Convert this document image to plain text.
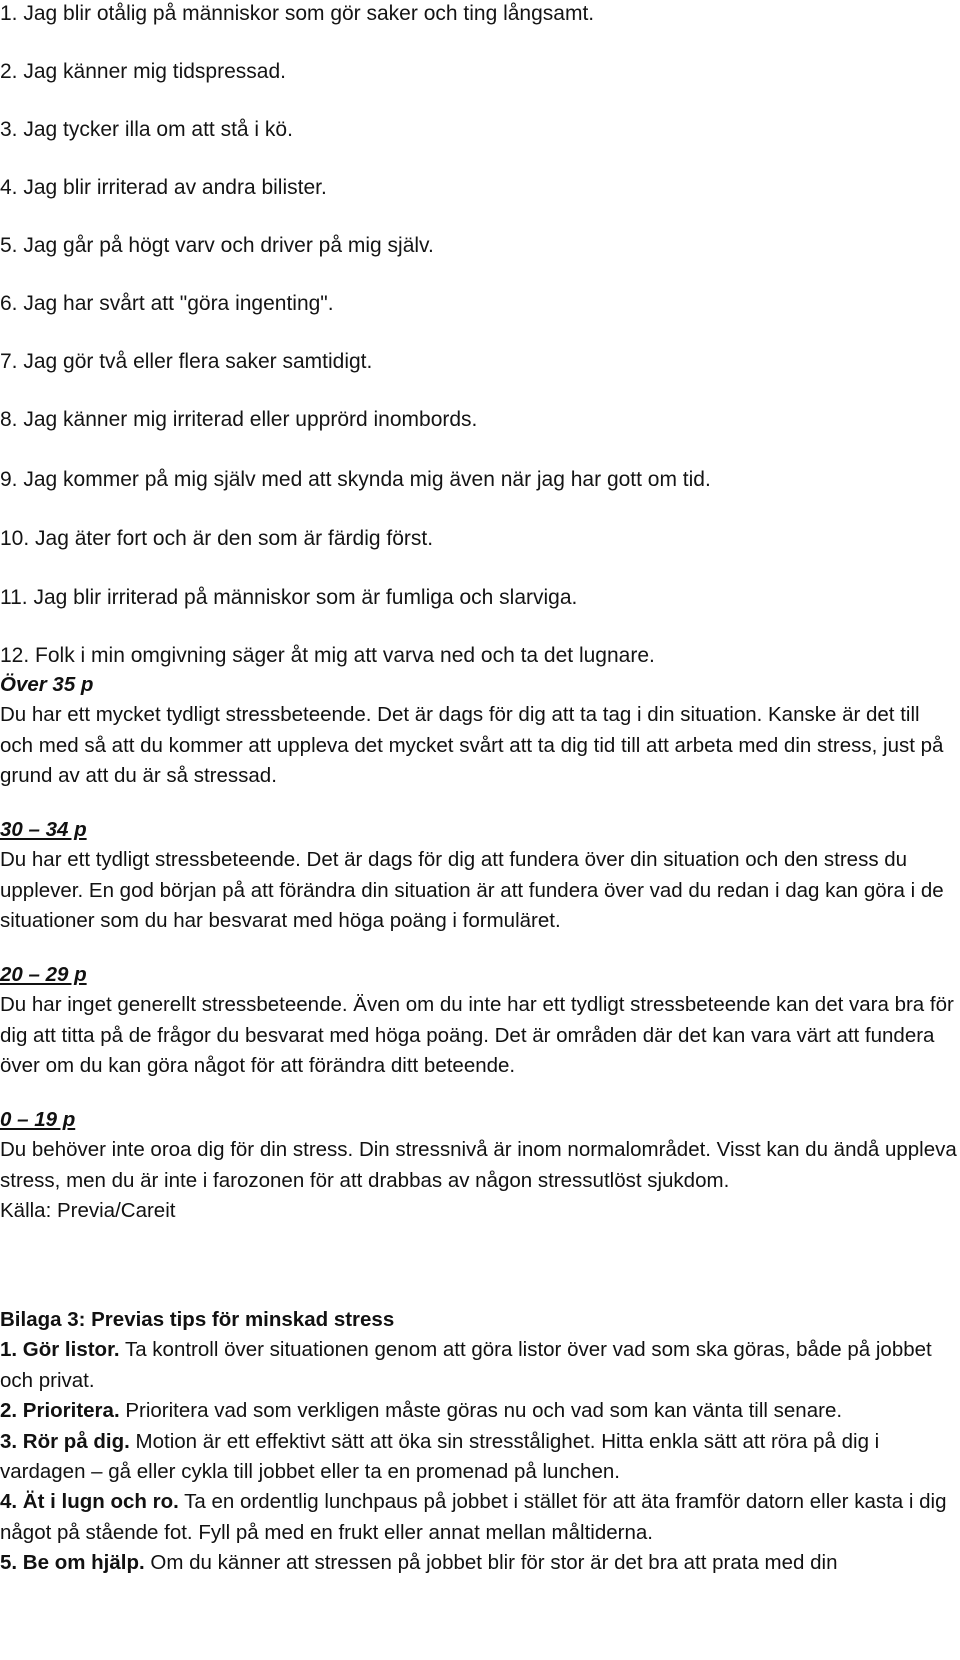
1. Jag blir otålig på människor som gör saker och ting långsamt.
2. Jag känner mig tidspressad.
3. Jag tycker illa om att stå i kö.
4. Jag blir irriterad av andra bilister.
5. Jag går på högt varv och driver på mig själv.
6. Jag har svårt att "göra ingenting".
7. Jag gör två eller flera saker samtidigt.
8. Jag känner mig irriterad eller upprörd inombords.
9. Jag kommer på mig själv med att skynda mig även när jag har gott om tid.
10. Jag äter fort och är den som är färdig först.
11. Jag blir irriterad på människor som är fumliga och slarviga.
12. Folk i min omgivning säger åt mig att varva ned och ta det lugnare.
Över 35 p
Du har ett mycket tydligt stressbeteende. Det är dags för dig att ta tag i din situation. Kanske är det till och med så att du kommer att uppleva det mycket svårt att ta dig tid till att arbeta med din stress, just på grund av att du är så stressad.
30 – 34 p
Du har ett tydligt stressbeteende. Det är dags för dig att fundera över din situation och den stress du upplever. En god början på att förändra din situation är att fundera över vad du redan i dag kan göra i de situationer som du har besvarat med höga poäng i formuläret.
20 – 29 p
Du har inget generellt stressbeteende. Även om du inte har ett tydligt stressbeteende kan det vara bra för dig att titta på de frågor du besvarat med höga poäng. Det är områden där det kan vara värt att fundera över om du kan göra något för att förändra ditt beteende.
0 – 19 p
Du behöver inte oroa dig för din stress. Din stressnivå är inom normalområdet. Visst kan du ändå uppleva stress, men du är inte i farozonen för att drabbas av någon stressutlöst sjukdom.
Källa: Previa/Careit
Bilaga 3: Previas tips för minskad stress
1. Gör listor. Ta kontroll över situationen genom att göra listor över vad som ska göras, både på jobbet och privat.
2. Prioritera. Prioritera vad som verkligen måste göras nu och vad som kan vänta till senare.
3. Rör på dig. Motion är ett effektivt sätt att öka sin stresstålighet. Hitta enkla sätt att röra på dig i vardagen – gå eller cykla till jobbet eller ta en promenad på lunchen.
4. Ät i lugn och ro. Ta en ordentlig lunchpaus på jobbet i stället för att äta framför datorn eller kasta i dig något på stående fot. Fyll på med en frukt eller annat mellan måltiderna.
5. Be om hjälp. Om du känner att stressen på jobbet blir för stor är det bra att prata med din
